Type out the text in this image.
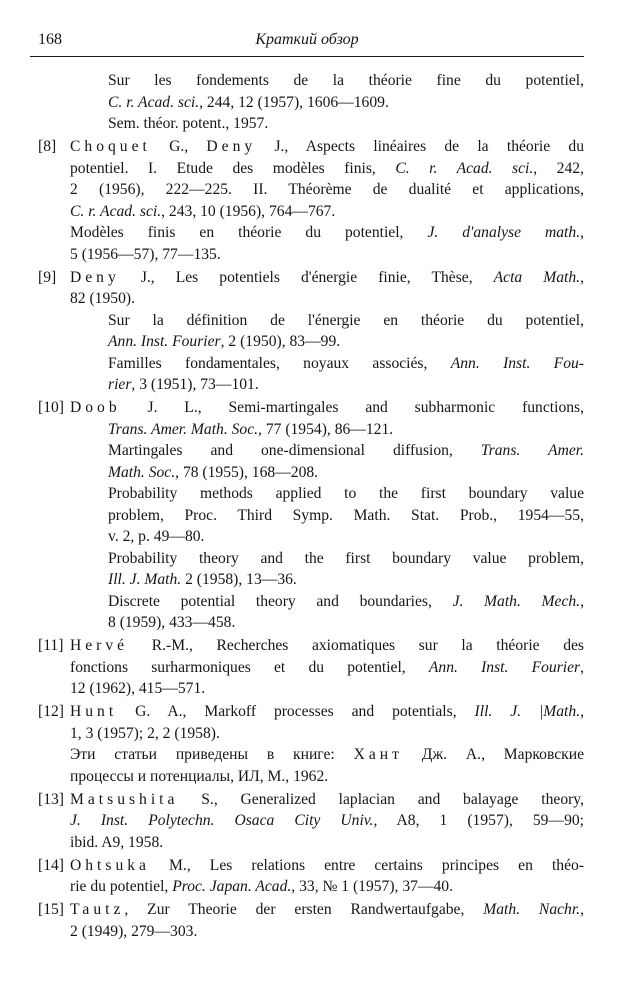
168	Краткий обзор
Sur les fondements de la théorie fine du potentiel,
C. r. Acad. sci., 244, 12 (1957), 1606—1609.
Sem. théor. potent., 1957.
[8] Choquet G., Deny J., Aspects linéaires de la théorie du
potentiel. I. Etude des modèles finis, C. r. Acad. sci., 242,
2 (1956), 222—225. II. Théorème de dualité et applications,
C. r. Acad. sci., 243, 10 (1956), 764—767.
Modèles finis en théorie du potentiel, J. d'analyse math.,
5 (1956—57), 77—135.
[9] Deny J., Les potentiels d'énergie finie, Thèse, Acta Math.,
82 (1950).
Sur la définition de l'énergie en théorie du potentiel,
Ann. Inst. Fourier, 2 (1950), 83—99.
Familles fondamentales, noyaux associés, Ann. Inst. Fou-
rier, 3 (1951), 73—101.
[10] Doob J. L., Semi-martingales and subharmonic functions,
Trans. Amer. Math. Soc., 77 (1954), 86—121.
Martingales and one-dimensional diffusion, Trans. Amer.
Math. Soc., 78 (1955), 168—208.
Probability methods applied to the first boundary value
problem, Proc. Third Symp. Math. Stat. Prob., 1954—55,
v. 2, p. 49—80.
Probability theory and the first boundary value problem,
Ill. J. Math. 2 (1958), 13—36.
Discrete potential theory and boundaries, J. Math. Mech.,
8 (1959), 433—458.
[11] Hervé R.-M., Recherches axiomatiques sur la théorie des
fonctions surharmoniques et du potentiel, Ann. Inst. Fourier,
12 (1962), 415—571.
[12] Hunt G. A., Markoff processes and potentials, Ill. J. |Math.,
1, 3 (1957); 2, 2 (1958).
Эти статьи приведены в книге: Хант Дж. А., Марковские
процессы и потенциалы, ИЛ, М., 1962.
[13] Matsushita S., Generalized laplacian and balayage theory,
J. Inst. Polytechn. Osaca City Univ., A8, 1 (1957), 59—90;
ibid. A9, 1958.
[14] Ohtsuka M., Les relations entre certains principes en théo-
rie du potentiel, Proc. Japan. Acad., 33, № 1 (1957), 37—40.
[15] Tautz, Zur Theorie der ersten Randwertaufgabe, Math. Nachr.,
2 (1949), 279—303.
